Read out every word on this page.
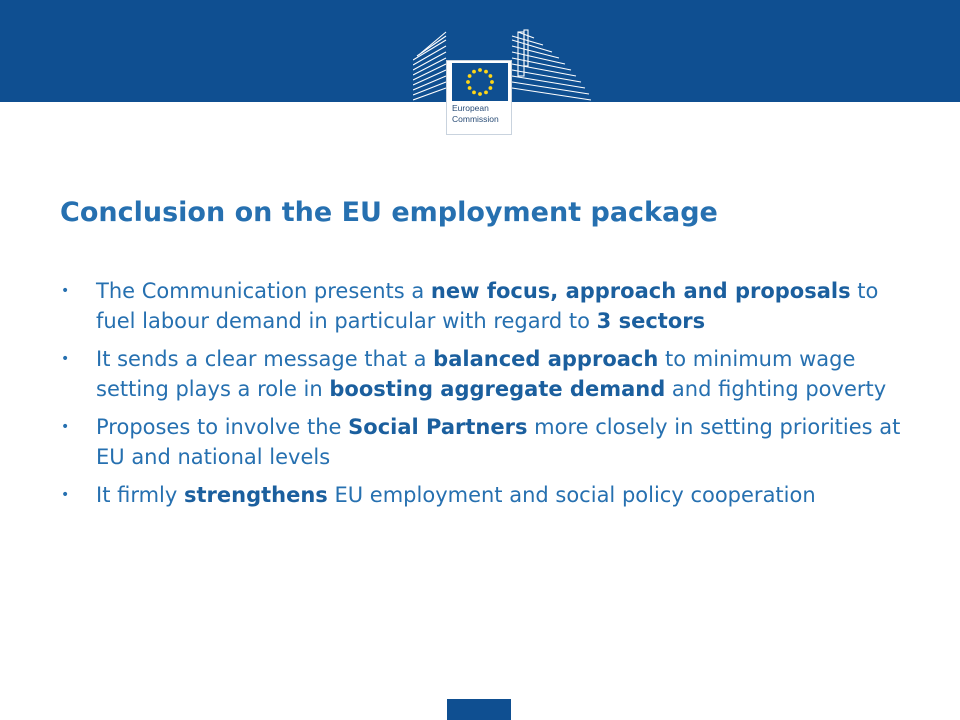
European
Commission
Conclusion on the EU employment package
• The Communication presents a new focus, approach and proposals to fuel labour demand in particular with regard to 3 sectors
• It sends a clear message that a balanced approach to minimum wage setting plays a role in boosting aggregate demand and fighting poverty
• Proposes to involve the Social Partners more closely in setting priorities at EU and national levels
• It firmly strengthens EU employment and social policy cooperation
